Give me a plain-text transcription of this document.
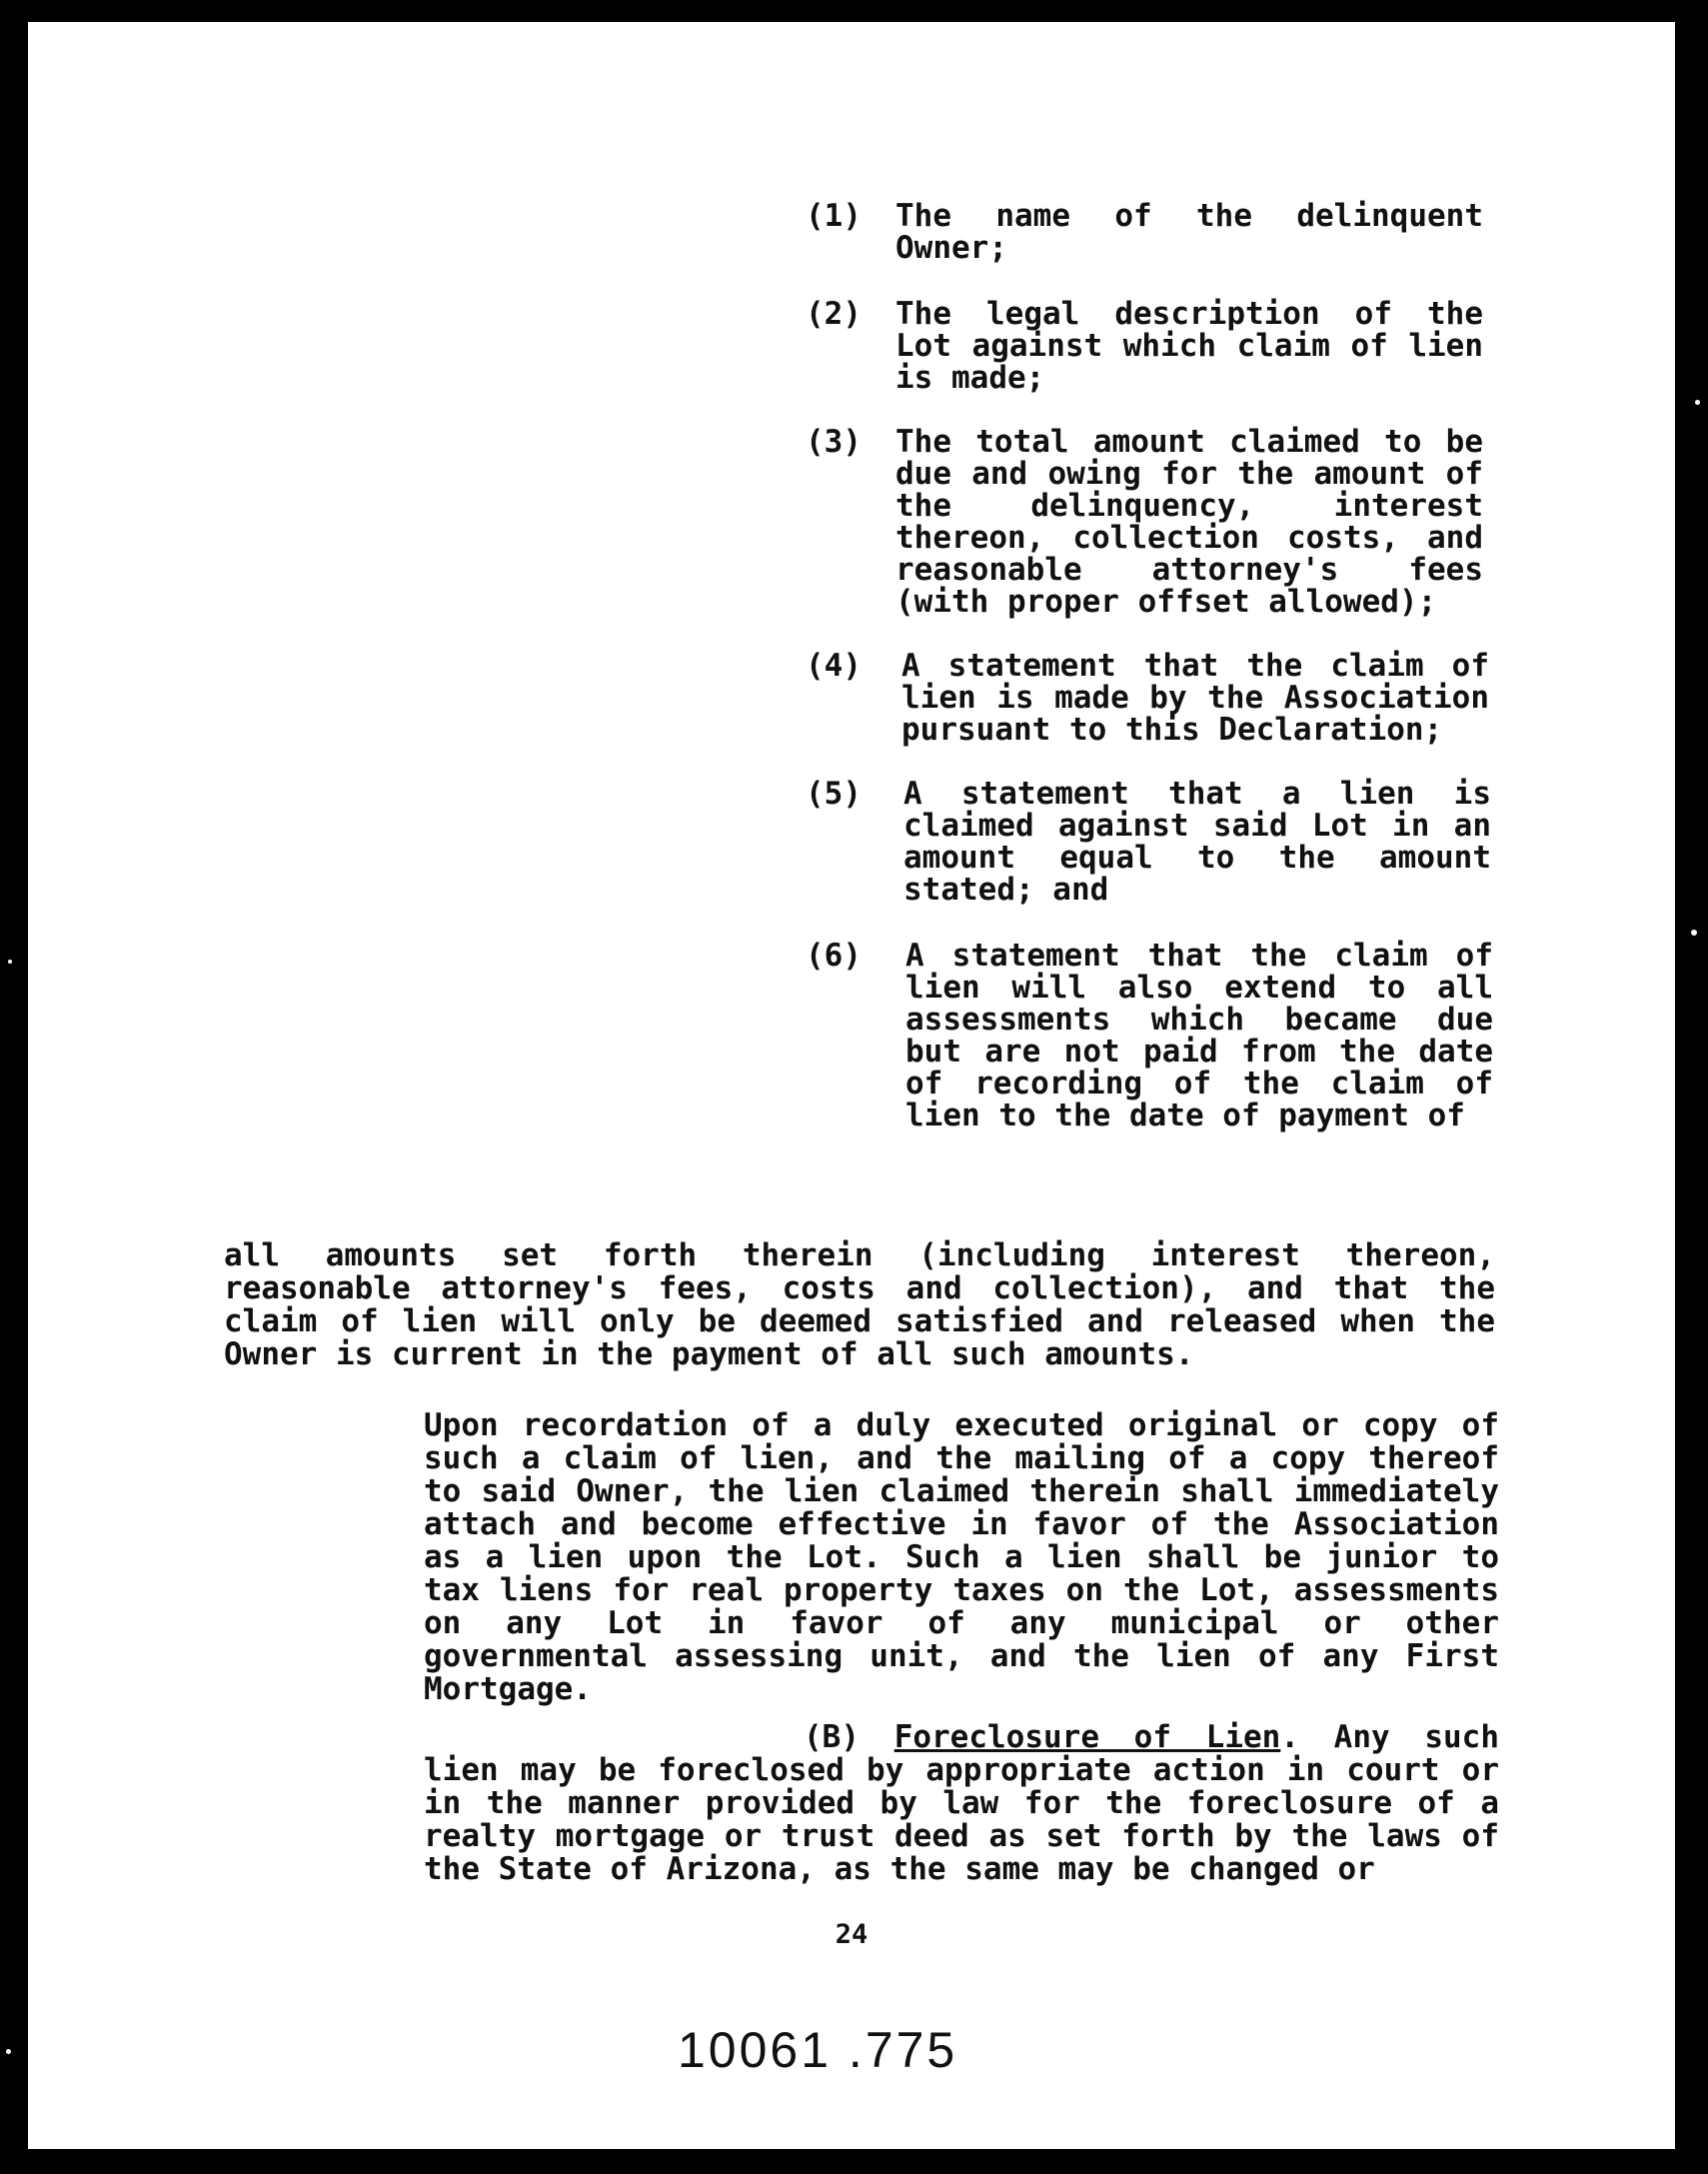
(1)	The name of the delinquent Owner;
(2)	The legal description of the Lot against which claim of lien is made;
(3)	The total amount claimed to be due and owing for the amount of the delinquency, interest thereon, collection costs, and reasonable attorney's fees (with proper offset allowed);
(4)	A statement that the claim of lien is made by the Association pursuant to this Declaration;
(5)	A statement that a lien is claimed against said Lot in an amount equal to the amount stated; and
(6)	A statement that the claim of lien will also extend to all assessments which became due but are not paid from the date of recording of the claim of lien to the date of payment of
all amounts set forth therein (including interest thereon, reasonable attorney's fees, costs and collection), and that the claim of lien will only be deemed satisfied and released when the Owner is current in the payment of all such amounts.
Upon recordation of a duly executed original or copy of such a claim of lien, and the mailing of a copy thereof to said Owner, the lien claimed therein shall immediately attach and become effective in favor of the Association as a lien upon the Lot. Such a lien shall be junior to tax liens for real property taxes on the Lot, assessments on any Lot in favor of any municipal or other governmental assessing unit, and the lien of any First Mortgage.
(B) Foreclosure of Lien. Any such lien may be foreclosed by appropriate action in court or in the manner provided by law for the foreclosure of a realty mortgage or trust deed as set forth by the laws of the State of Arizona, as the same may be changed or
24
10061 .775
